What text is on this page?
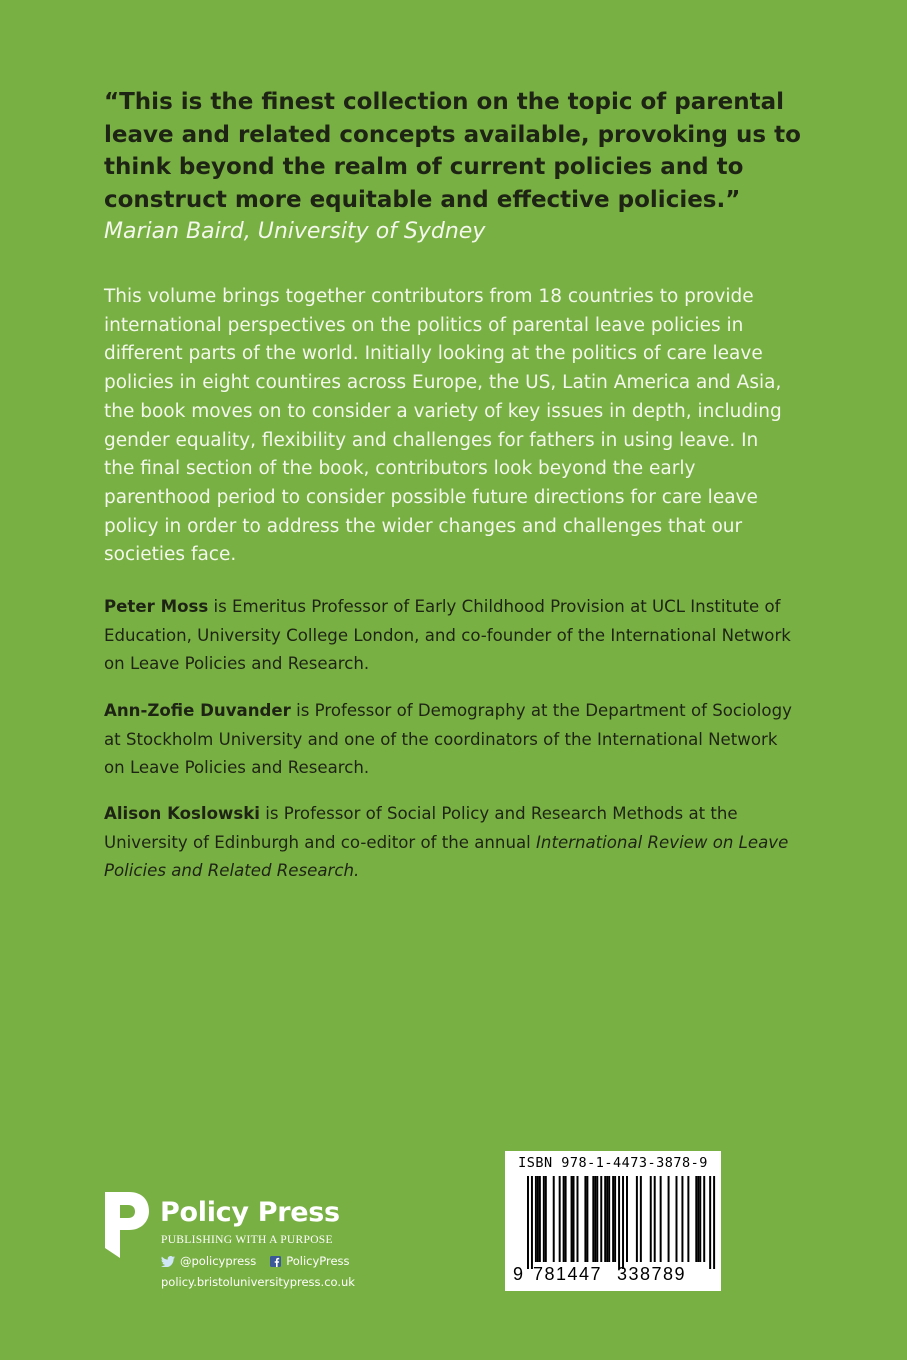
“This is the finest collection on the topic of parental leave and related concepts available, provoking us to think beyond the realm of current policies and to construct more equitable and effective policies.”

Marian Baird, University of Sydney

This volume brings together contributors from 18 countries to provide international perspectives on the politics of parental leave policies in different parts of the world. Initially looking at the politics of care leave policies in eight countires across Europe, the US, Latin America and Asia, the book moves on to consider a variety of key issues in depth, including gender equality, flexibility and challenges for fathers in using leave. In the final section of the book, contributors look beyond the early parenthood period to consider possible future directions for care leave policy in order to address the wider changes and challenges that our societies face.

Peter Moss is Emeritus Professor of Early Childhood Provision at UCL Institute of Education, University College London, and co-founder of the International Network on Leave Policies and Research.

Ann-Zofie Duvander is Professor of Demography at the Department of Sociology at Stockholm University and one of the coordinators of the International Network on Leave Policies and Research.

Alison Koslowski is Professor of Social Policy and Research Methods at the University of Edinburgh and co-editor of the annual International Review on Leave Policies and Related Research.

Policy Press
PUBLISHING WITH A PURPOSE
@policypress	PolicyPress
policy.bristoluniversitypress.co.uk
ISBN 978-1-4473-3878-9
9 781447 338789
